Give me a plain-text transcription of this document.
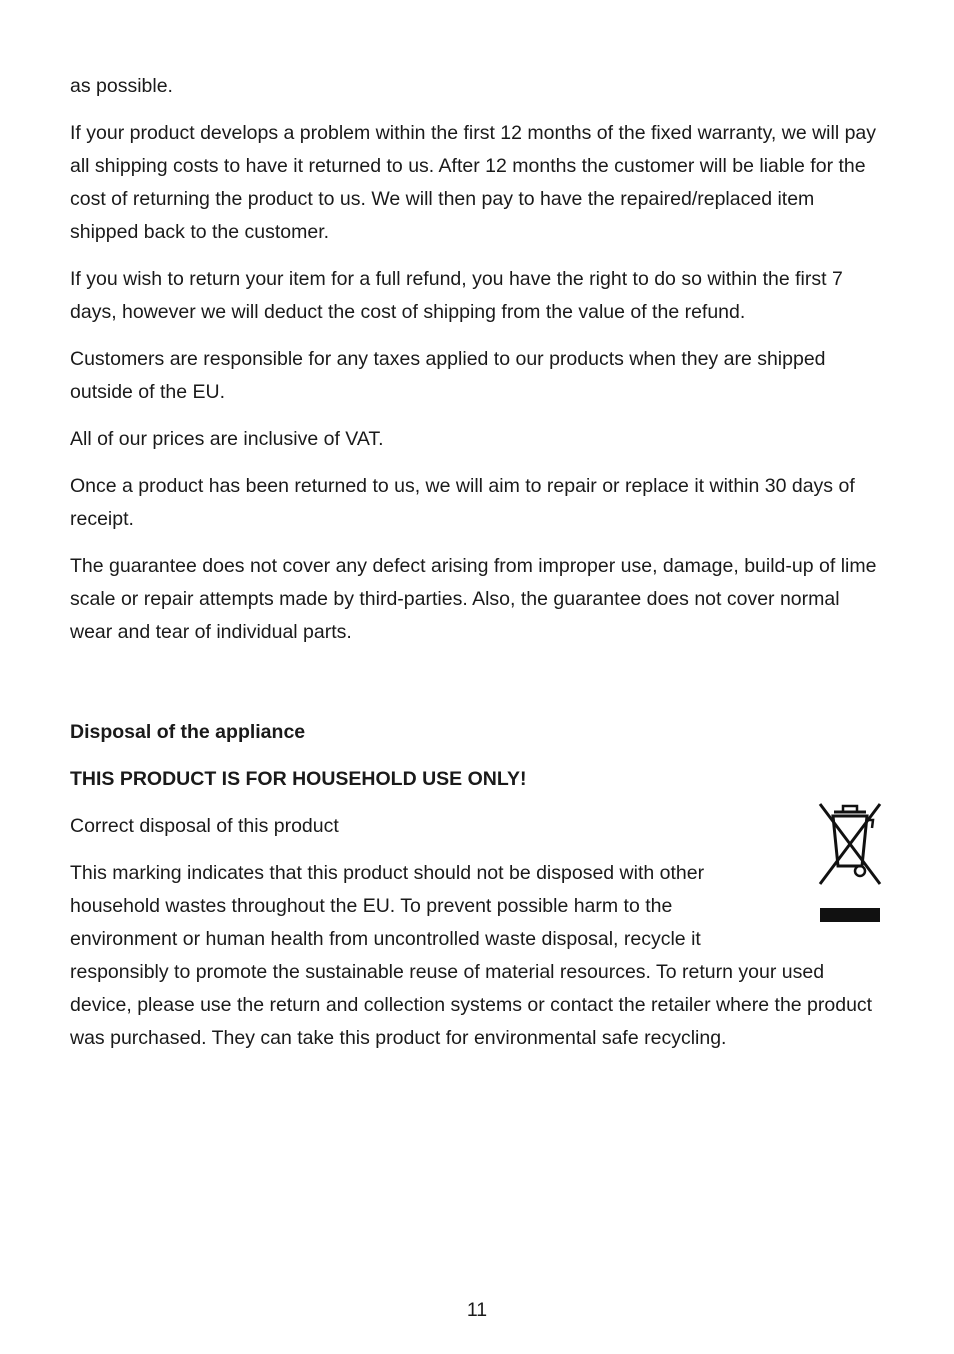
as possible.

If your product develops a problem within the first 12 months of the fixed warranty, we will pay all shipping costs to have it returned to us. After 12 months the customer will be liable for the cost of returning the product to us. We will then pay to have the repaired/replaced item shipped back to the customer.

If you wish to return your item for a full refund, you have the right to do so within the first 7 days, however we will deduct the cost of shipping from the value of the refund.

Customers are responsible for any taxes applied to our products when they are shipped outside of the EU.

All of our prices are inclusive of VAT.

Once a product has been returned to us, we will aim to repair or replace it within 30 days of receipt.

The guarantee does not cover any defect arising from improper use, damage, build-up of lime scale or repair attempts made by third-parties. Also, the guarantee does not cover normal wear and tear of individual parts.

Disposal of the appliance

THIS PRODUCT IS FOR HOUSEHOLD USE ONLY!

Correct disposal of this product

This marking indicates that this product should not be disposed with other household wastes throughout the EU. To prevent possible harm to the environment or human health from uncontrolled waste disposal, recycle it responsibly to promote the sustainable reuse of material resources. To return your used device, please use the return and collection systems or contact the retailer where the product was purchased. They can take this product for environmental safe recycling.

11
